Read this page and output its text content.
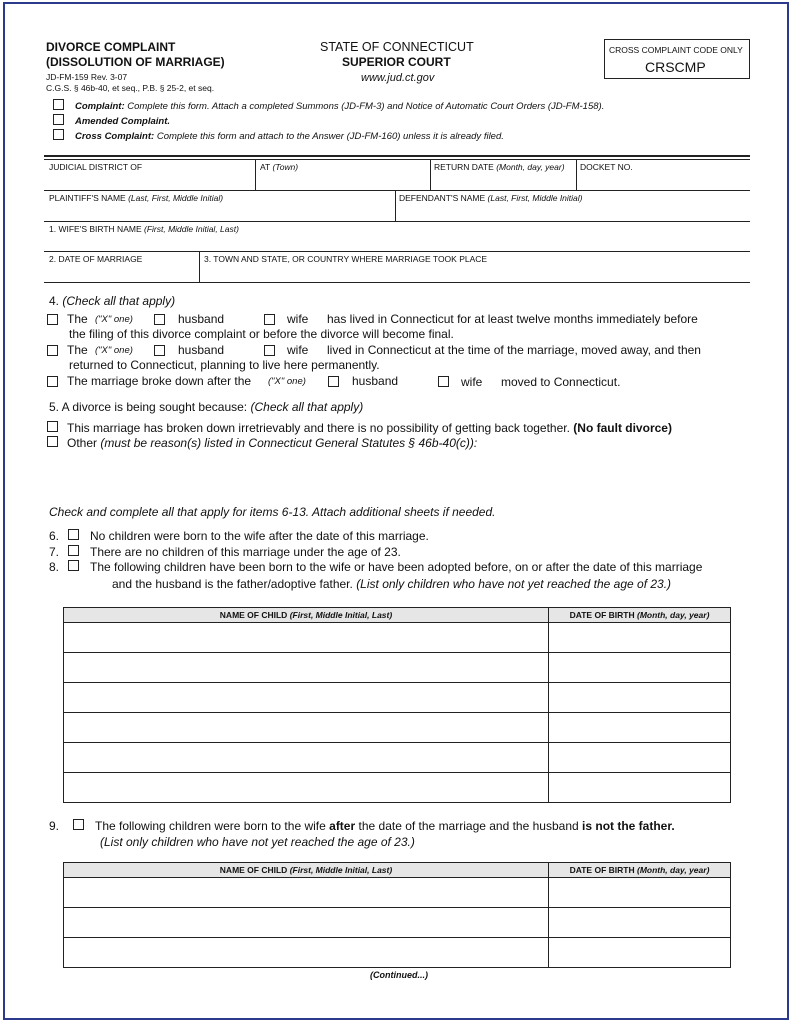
DIVORCE COMPLAINT
(DISSOLUTION OF MARRIAGE)
JD-FM-159 Rev. 3-07
C.G.S. § 46b-40, et seq., P.B. § 25-2, et seq.
STATE OF CONNECTICUT
SUPERIOR COURT
www.jud.ct.gov
CROSS COMPLAINT CODE ONLY
CRSCMP
Complaint: Complete this form. Attach a completed Summons (JD-FM-3) and Notice of Automatic Court Orders (JD-FM-158).
Amended Complaint.
Cross Complaint: Complete this form and attach to the Answer (JD-FM-160) unless it is already filed.
JUDICIAL DISTRICT OF	AT (Town)	RETURN DATE (Month, day, year) DOCKET NO.
PLAINTIFF'S NAME (Last, First, Middle Initial)	DEFENDANT'S NAME (Last, First, Middle Initial)
1. WIFE'S BIRTH NAME (First, Middle Initial, Last)
2. DATE OF MARRIAGE	3. TOWN AND STATE, OR COUNTRY WHERE MARRIAGE TOOK PLACE
4. (Check all that apply)
The ("X" one)	husband	wife has lived in Connecticut for at least twelve months immediately before
the filing of this divorce complaint or before the divorce will become final.
The ("X" one)	husband	wife lived in Connecticut at the time of the marriage, moved away, and then
returned to Connecticut, planning to live here permanently.
The marriage broke down after the ("X" one)	husband	wife moved to Connecticut.
5. A divorce is being sought because: (Check all that apply)
This marriage has broken down irretrievably and there is no possibility of getting back together. (No fault divorce)
Other (must be reason(s) listed in Connecticut General Statutes § 46b-40(c)):
Check and complete all that apply for items 6-13. Attach additional sheets if needed.
6.	No children were born to the wife after the date of this marriage.
7.	There are no children of this marriage under the age of 23.
8.	The following children have been born to the wife or have been adopted before, on or after the date of this marriage
and the husband is the father/adoptive father. (List only children who have not yet reached the age of 23.)
NAME OF CHILD (First, Middle Initial, Last)	DATE OF BIRTH (Month, day, year)

9.	The following children were born to the wife after the date of the marriage and the husband is not the father.
(List only children who have not yet reached the age of 23.)
NAME OF CHILD (First, Middle Initial, Last)	DATE OF BIRTH (Month, day, year)

(Continued...)
